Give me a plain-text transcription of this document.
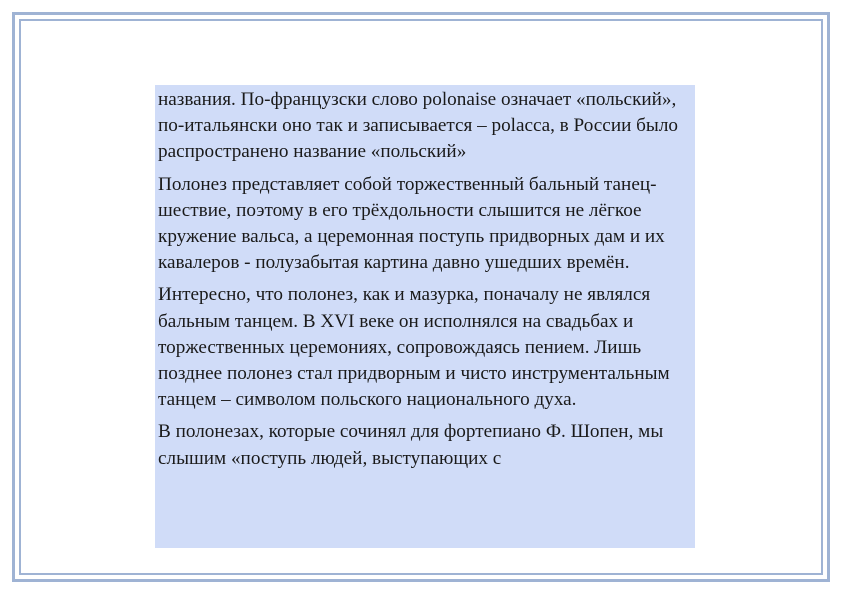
названия. По-французски слово polonaise означает «польский», по-итальянски оно так и записывается – polacca, в России было распространено название «польский»

Полонез представляет собой торжественный бальный танец-шествие, поэтому в его трёхдольности слышится не лёгкое кружение вальса, а церемонная поступь придворных дам и их кавалеров - полузабытая картина давно ушедших времён.

Интересно, что полонез, как и мазурка, поначалу не являлся бальным танцем. В XVI веке он исполнялся на свадьбах и торжественных церемониях, сопровождаясь пением. Лишь позднее полонез стал придворным и чисто инструментальным танцем – символом польского национального духа.

В полонезах, которые сочинял для фортепиано Ф. Шопен, мы слышим «поступь людей, выступающих с
